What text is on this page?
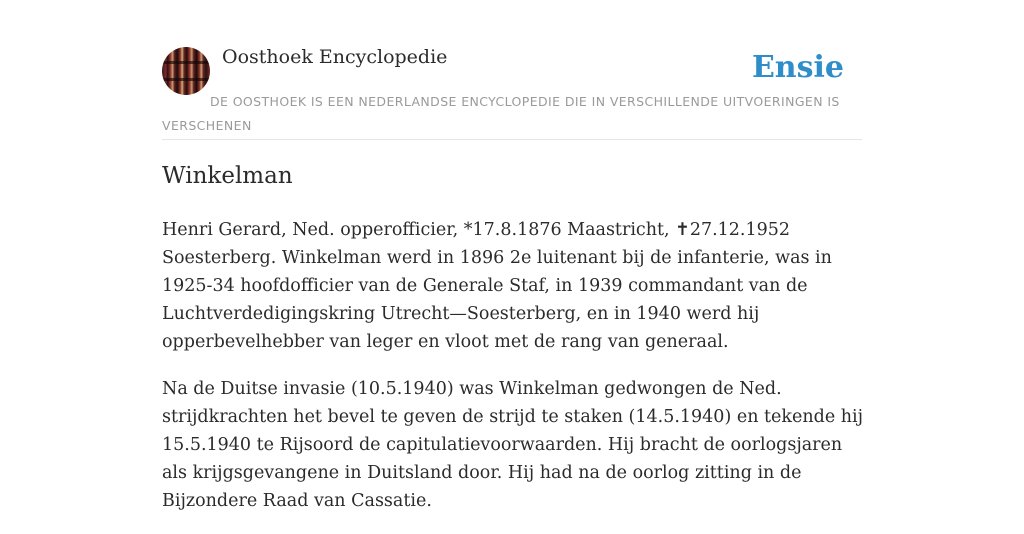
Oosthoek Encyclopedie	Ensie
DE OOSTHOEK IS EEN NEDERLANDSE ENCYCLOPEDIE DIE IN VERSCHILLENDE UITVOERINGEN IS VERSCHENEN
Winkelman

Henri Gerard, Ned. opperofficier, *17.8.1876 Maastricht, ✝27.12.1952 Soesterberg. Winkelman werd in 1896 2e luitenant bij de infanterie, was in 1925-34 hoofdofficier van de Generale Staf, in 1939 commandant van de Luchtverdedigingskring Utrecht—Soesterberg, en in 1940 werd hij opperbevelhebber van leger en vloot met de rang van generaal.

Na de Duitse invasie (10.5.1940) was Winkelman gedwongen de Ned. strijdkrachten het bevel te geven de strijd te staken (14.5.1940) en tekende hij 15.5.1940 te Rijsoord de capitulatievoorwaarden. Hij bracht de oorlogsjaren als krijgsgevangene in Duitsland door. Hij had na de oorlog zitting in de Bijzondere Raad van Cassatie.
